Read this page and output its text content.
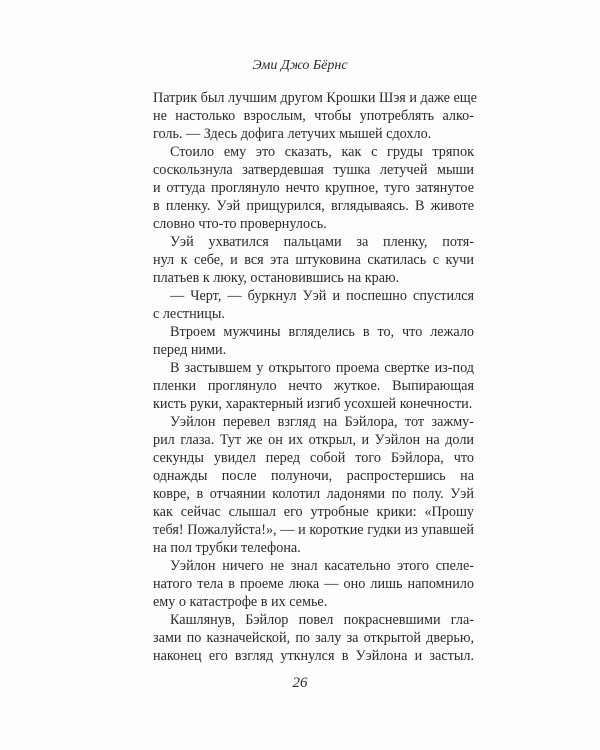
Эми Джо Бёрнс
Патрик был лучшим другом Крошки Шэя и даже еще
не настолько взрослым, чтобы употреблять алко-
голь. — Здесь дофига летучих мышей сдохло.
Стоило ему это сказать, как с груды тряпок
соскользнула затвердевшая тушка летучей мыши
и оттуда проглянуло нечто крупное, туго затянутое
в пленку. Уэй прищурился, вглядываясь. В животе
словно что-то провернулось.
Уэй ухватился пальцами за пленку, потя-
нул к себе, и вся эта штуковина скатилась с кучи
платьев к люку, остановившись на краю.
— Черт, — буркнул Уэй и поспешно спустился
с лестницы.
Втроем мужчины вгляделись в то, что лежало
перед ними.
В застывшем у открытого проема свертке из-под
пленки проглянуло нечто жуткое. Выпирающая
кисть руки, характерный изгиб усохшей конечности.
Уэйлон перевел взгляд на Бэйлора, тот зажму-
рил глаза. Тут же он их открыл, и Уэйлон на доли
секунды увидел перед собой того Бэйлора, что
однажды после полуночи, распростершись на
ковре, в отчаянии колотил ладонями по полу. Уэй
как сейчас слышал его утробные крики: «Прошу
тебя! Пожалуйста!», — и короткие гудки из упавшей
на пол трубки телефона.
Уэйлон ничего не знал касательно этого спеле-
натого тела в проеме люка — оно лишь напомнило
ему о катастрофе в их семье.
Кашлянув, Бэйлор повел покрасневшими гла-
зами по казначейской, по залу за открытой дверью,
наконец его взгляд уткнулся в Уэйлона и застыл.
26
